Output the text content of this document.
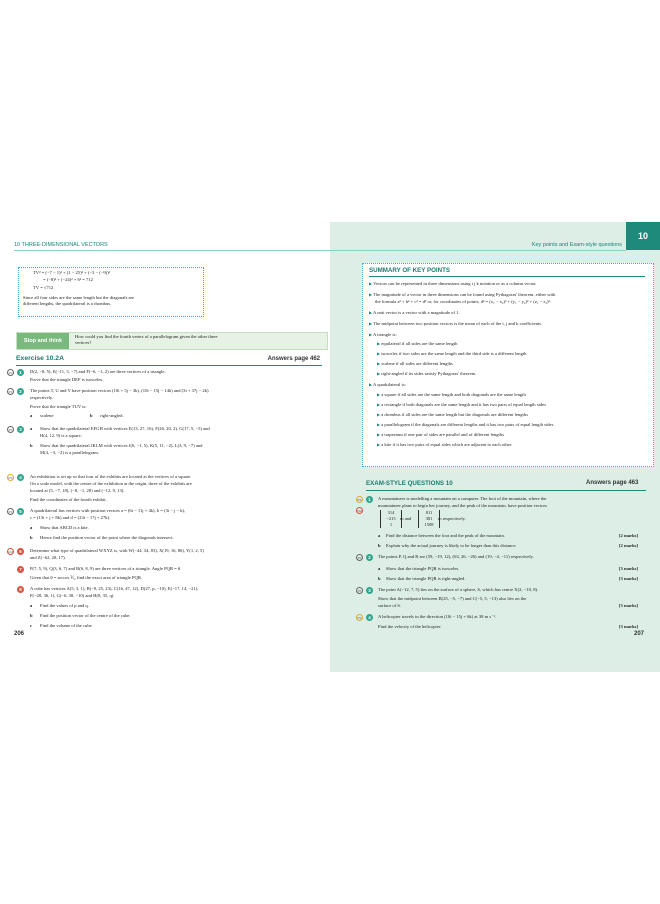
10 THREE-DIMENSIONAL VECTORS
TV² = (−7 − 1)² + (1 − 25)² + (−3 − (−9))²
= (−8)² + (−24)² + 6² = 712
TV = √712
Since all four sides are the same length but the diagonals are
different lengths, the quadrilateral is a rhombus.
Stop and think
How could you find the fourth vertex of a parallelogram given the other three
vertices?
Exercise 10.2A	Answers page 462
PF	1	D(2, −8, 5), E(−11, 5, −7) and F(−6, −1, 2) are three vertices of a triangle.
Prove that the triangle DEF is isosceles.
PF	2	The points T, U and V have position vectors (10i + 5j − 3k), (10i − 15j − 14k) and (3i + 37j − 2k)
respectively.
Prove that the triangle TUV is:
a scalene	b right-angled.
PF	3	a Show that the quadrilateral EFGH with vertices E(13, 27, 16), F(26, 20, 2), G(17, 5, −5) and
H(4, 12, 9) is a square.
b Show that the quadrilateral JKLM with vertices J(6, −1, 5), K(5, 11, −2), L(3, 9, −7) and
M(4, −3, −2) is a parallelogram.
PS	4	An exhibition is set up so that four of the exhibits are located at the vertices of a square.
On a scale model, with the centre of the exhibition at the origin, three of the exhibits are
located at (5, −7, 18), (−8, −1, 28) and (−12, 9, 13).
Find the coordinates of the fourth exhibit.
PF	5	A quadrilateral has vertices with position vectors a = (6i − 11j + 4k), b = (3i − j − k),
c = (13i + j + 8k) and d = (23i − 17j + 27k).
a Show that ABCD is a kite.
b Hence find the position vector of the point where the diagonals intersect.
CM	6	Determine what type of quadrilateral WXYZ is, with W(−44, 34, 83), X(19, 16, 86), Y(1, 2, 5)
and Z(−62, 20, 17).
7	P(7, 5, 9), Q(3, 6, 7) and R(6, 8, 9) are three vertices of a triangle. Angle PQR = θ.
Given that θ = arccos ⅟₃, find the exact area of triangle PQR.
8	A cube has vertices A(5, 3, 1), B(−9, 25, 23), C(16, 47, 12), D(27, p, −10), E(−17, 14, −21),
F(−28, 36, 1), G(−6, 38, −10) and H(8, 35, q).
a Find the values of p and q.
b Find the position vector of the centre of the cube.
c Find the volume of the cube.
206
Key points and Exam-style questions
10
SUMMARY OF KEY POINTS
▶ Vectors can be represented in three dimensions using i j k notation or as a column vector.
▶ The magnitude of a vector in three dimensions can be found using Pythagoras' theorem, either with
the formula a² + b² + c² = d² or, for coordinates of points, d² = (x₁ − x₂)² + (y₁ − y₂)² + (z₁ − z₂)².
▶ A unit vector is a vector with a magnitude of 1.
▶ The midpoint between two position vectors is the mean of each of the i, j and k coefficients.
▶ A triangle is:
▶ equilateral if all sides are the same length
▶ isosceles if two sides are the same length and the third side is a different length
▶ scalene if all sides are different lengths
▶ right-angled if its sides satisfy Pythagoras' theorem.
▶ A quadrilateral is:
▶ a square if all sides are the same length and both diagonals are the same length
▶ a rectangle if both diagonals are the same length and it has two pairs of equal length sides
▶ a rhombus if all sides are the same length but the diagonals are different lengths
▶ a parallelogram if the diagonals are different lengths and it has two pairs of equal length sides
▶ a trapezium if one pair of sides are parallel and of different lengths
▶ a kite if it has two pairs of equal sides which are adjacent to each other.
EXAM-STYLE QUESTIONS 10	Answers page 463
PS
CM
1	A mountaineer is modelling a mountain on a computer. The foot of the mountain, where the
mountaineer plans to begin her journey, and the peak of the mountain, have position vectors
314
−215
1
m and
811
381
1508
m respectively.
a Find the distance between the foot and the peak of the mountain.	[2 marks]
b Explain why the actual journey is likely to be longer than this distance.	[2 marks]
PF	2	The points P, Q and R are (59, −19, 12), (63, 26, −26) and (19, −4, −11) respectively.
a Show that the triangle PQR is isosceles.	[3 marks]
b Show that the triangle PQR is right-angled.	[3 marks]
PF	3	The point A(−12, 7, 5) lies on the surface of a sphere, S, which has centre X(2, −10, 8).
Show that the midpoint between B(25, −5, −7) and C(−5, 5, −13) also lies on the
surface of S.	[3 marks]
PS	4	A helicopter travels in the direction (10i − 15j + 6k) at 38 m s⁻¹.
Find the velocity of the helicopter.	[3 marks]
207
